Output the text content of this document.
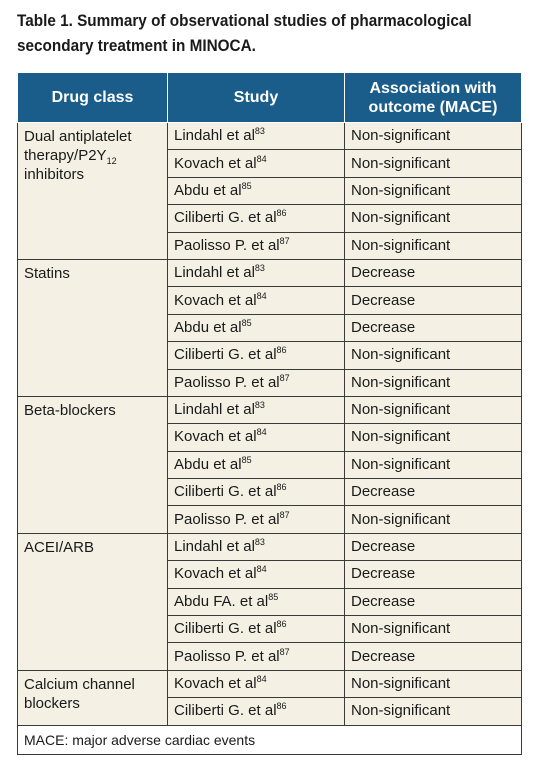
Table 1. Summary of observational studies of pharmacological secondary treatment in MINOCA.
Drug class	Study	Association with outcome (MACE)
Dual antiplatelet
therapy/$P2Y_{12}$
inhibitors	Lindahl et $al^{83}$	Non-significant
	Kovach et $al^{84}$	Non-significant
	Abdu et $al^{85}$	Non-significant
	Ciliberti G. et $al^{86}$	Non-significant
	Paolisso P. et $al^{87}$	Non-significant
Statins	Lindahl et $al^{83}$	Decrease
	Kovach et $al^{84}$	Decrease
	Abdu et $al^{85}$	Decrease
	Ciliberti G. et $al^{86}$	Non-significant
	Paolisso P. et $al^{87}$	Non-significant
Beta-blockers	Lindahl et $al^{83}$	Non-significant
	Kovach et $al^{84}$	Non-significant
	Abdu et $al^{85}$	Non-significant
	Ciliberti G. et $al^{86}$	Decrease
	Paolisso P. et $al^{87}$	Non-significant
ACEI/ARB	Lindahl et $al^{83}$	Decrease
	Kovach et $al^{84}$	Decrease
	Abdu FA. et $al^{85}$	Decrease
	Ciliberti G. et $al^{86}$	Non-significant
	Paolisso P. et $al^{87}$	Decrease
Calcium channel blockers	Kovach et $al^{84}$	Non-significant
	Ciliberti G. et $al^{86}$	Non-significant
MACE: major adverse cardiac events		
